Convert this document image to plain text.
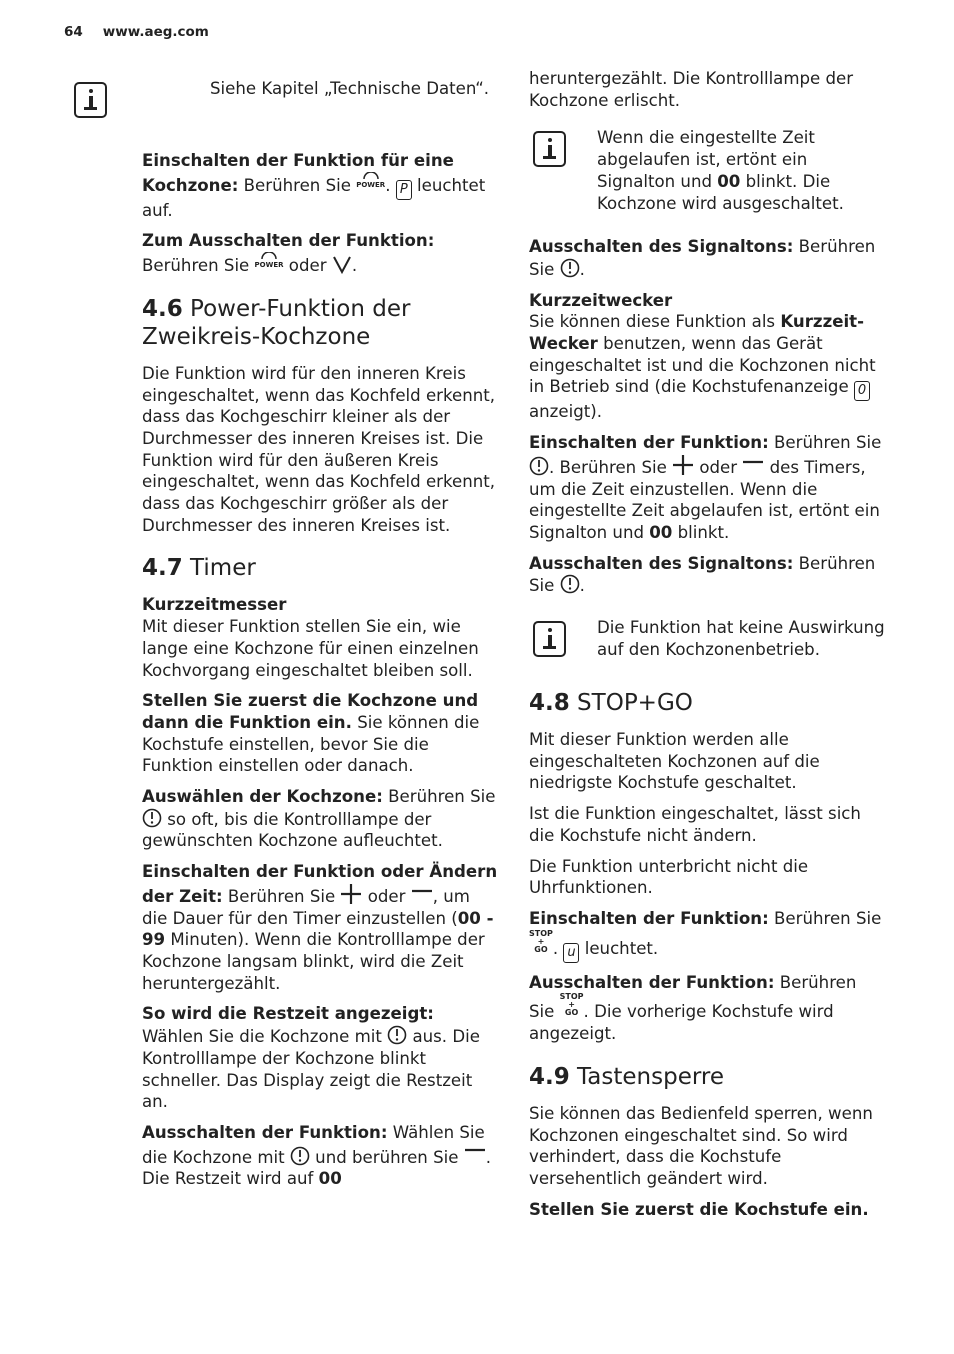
64 www.aeg.com
Siehe Kapitel „Technische Daten“.

Einschalten der Funktion für eine Kochzone: Berühren Sie
POWER. P leuchtet auf.

Zum Ausschalten der Funktion:
Berühren Sie
POWER oder .

4.6 Power-Funktion der Zweikreis-Kochzone

Die Funktion wird für den inneren Kreis eingeschaltet, wenn das Kochfeld erkennt, dass das Kochgeschirr kleiner als der Durchmesser des inneren Kreises ist. Die Funktion wird für den äußeren Kreis eingeschaltet, wenn das Kochfeld erkennt, dass das Kochgeschirr größer als der Durchmesser des inneren Kreises ist.

4.7 Timer

Kurzzeitmesser
Mit dieser Funktion stellen Sie ein, wie lange eine Kochzone für einen einzelnen Kochvorgang eingeschaltet bleiben soll.

Stellen Sie zuerst die Kochzone und dann die Funktion ein. Sie können die Kochstufe einstellen, bevor Sie die Funktion einstellen oder danach.

Auswählen der Kochzone: Berühren Sie  so oft, bis die Kontrolllampe der gewünschten Kochzone aufleuchtet.

Einschalten der Funktion oder Ändern der Zeit: Berühren Sie  oder , um die Dauer für den Timer einzustellen (00 - 99 Minuten). Wenn die Kontrolllampe der Kochzone langsam blinkt, wird die Zeit heruntergezählt.

So wird die Restzeit angezeigt: Wählen Sie die Kochzone mit  aus. Die Kontrolllampe der Kochzone blinkt schneller. Das Display zeigt die Restzeit an.

Ausschalten der Funktion: Wählen Sie die Kochzone mit  und berühren Sie . Die Restzeit wird auf 00

heruntergezählt. Die Kontrolllampe der Kochzone erlischt.

Wenn die eingestellte Zeit abgelaufen ist, ertönt ein Signalton und 00 blinkt. Die Kochzone wird ausgeschaltet.

Ausschalten des Signaltons: Berühren Sie .

Kurzzeitwecker
Sie können diese Funktion als Kurzzeit-Wecker benutzen, wenn das Gerät eingeschaltet ist und die Kochzonen nicht in Betrieb sind (die Kochstufenanzeige 0 anzeigt).

Einschalten der Funktion: Berühren Sie . Berühren Sie  oder  des Timers, um die Zeit einzustellen. Wenn die eingestellte Zeit abgelaufen ist, ertönt ein Signalton und 00 blinkt.

Ausschalten des Signaltons: Berühren Sie .

Die Funktion hat keine Auswirkung auf den Kochzonenbetrieb.
4.8 STOP+GO

Mit dieser Funktion werden alle eingeschalteten Kochzonen auf die niedrigste Kochstufe geschaltet.

Ist die Funktion eingeschaltet, lässt sich die Kochstufe nicht ändern.

Die Funktion unterbricht nicht die Uhrfunktionen.

Einschalten der Funktion: Berühren Sie STOP
+
GO . u leuchtet.

Ausschalten der Funktion: Berühren Sie STOP
+
GO . Die vorherige Kochstufe wird angezeigt.

4.9 Tastensperre

Sie können das Bedienfeld sperren, wenn Kochzonen eingeschaltet sind. So wird verhindert, dass die Kochstufe versehentlich geändert wird.

Stellen Sie zuerst die Kochstufe ein.
